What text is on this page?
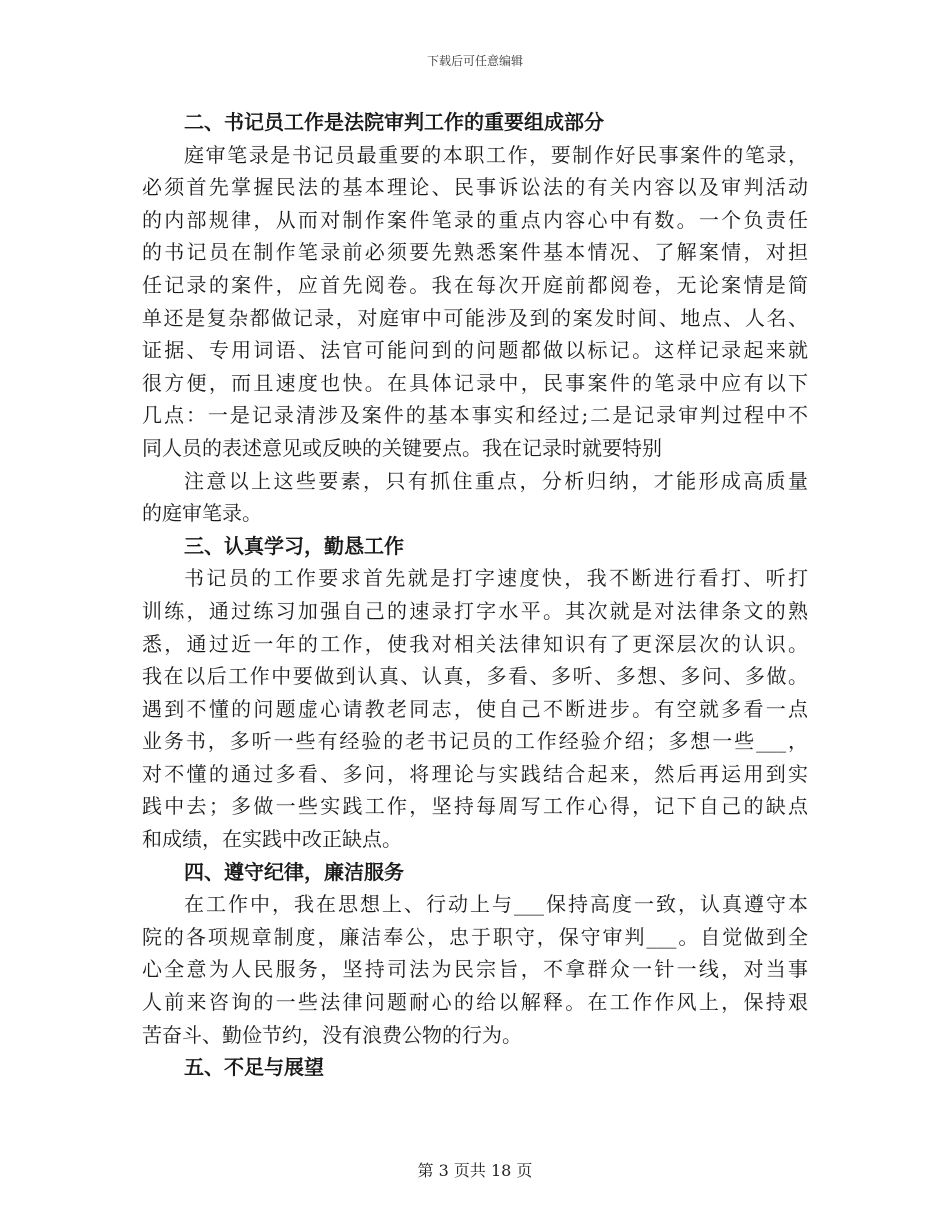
下载后可任意编辑
二、书记员工作是法院审判工作的重要组成部分
庭审笔录是书记员最重要的本职工作，要制作好民事案件的笔录，
必须首先掌握民法的基本理论、民事诉讼法的有关内容以及审判活动
的内部规律，从而对制作案件笔录的重点内容心中有数。一个负责任
的书记员在制作笔录前必须要先熟悉案件基本情况、了解案情，对担
任记录的案件，应首先阅卷。我在每次开庭前都阅卷，无论案情是简
单还是复杂都做记录，对庭审中可能涉及到的案发时间、地点、人名、
证据、专用词语、法官可能问到的问题都做以标记。这样记录起来就
很方便，而且速度也快。在具体记录中，民事案件的笔录中应有以下
几点：一是记录清涉及案件的基本事实和经过;二是记录审判过程中不
同人员的表述意见或反映的关键要点。我在记录时就要特别
注意以上这些要素，只有抓住重点，分析归纳，才能形成高质量
的庭审笔录。
三、认真学习，勤恳工作
书记员的工作要求首先就是打字速度快，我不断进行看打、听打
训练，通过练习加强自己的速录打字水平。其次就是对法律条文的熟
悉，通过近一年的工作，使我对相关法律知识有了更深层次的认识。
我在以后工作中要做到认真、认真，多看、多听、多想、多问、多做。
遇到不懂的问题虚心请教老同志，使自己不断进步。有空就多看一点
业务书，多听一些有经验的老书记员的工作经验介绍；多想一些___，
对不懂的通过多看、多问，将理论与实践结合起来，然后再运用到实
践中去；多做一些实践工作，坚持每周写工作心得，记下自己的缺点
和成绩，在实践中改正缺点。
四、遵守纪律，廉洁服务
在工作中，我在思想上、行动上与___保持高度一致，认真遵守本
院的各项规章制度，廉洁奉公，忠于职守，保守审判___。自觉做到全
心全意为人民服务，坚持司法为民宗旨，不拿群众一针一线，对当事
人前来咨询的一些法律问题耐心的给以解释。在工作作风上，保持艰
苦奋斗、勤俭节约，没有浪费公物的行为。
五、不足与展望
第 3 页共 18 页
